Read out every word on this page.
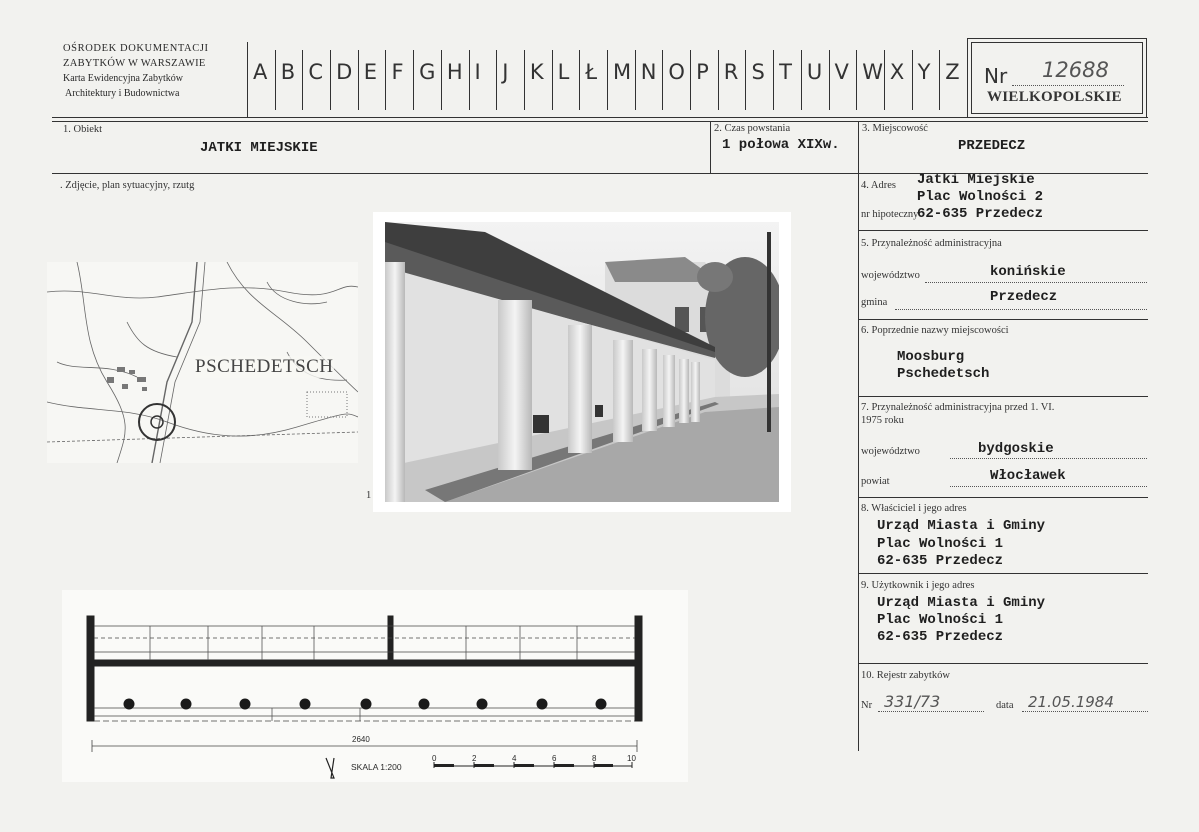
OŚRODEK DOKUMENTACJI
ZABYTKÓW W WARSZAWIE
Karta Ewidencyjna Zabytków
Architektury i Budownictwa
A B C D E F G H I J K L Ł M N O P R S T U V W X Y Z Nr 12688
WIELKOPOLSKIE
1. Obiekt
JATKI MIEJSKIE
2. Czas powstania
1 połowa XIXw.
3. Miejscowość
PRZEDECZ
. Zdjęcie, plan sytuacyjny, rzutg
PSCHEDETSCH
1
2640
SKALA 1:200
0	2	4	6	8	10
4. Adres Jatki Miejskie
Plac Wolności 2
nr hipoteczny
62-635 Przedecz
5. Przynależność administracyjna
województwo	konińskie
gmina	Przedecz
6. Poprzednie nazwy miejscowości
Moosburg
Pschedetsch
7. Przynależność administracyjna przed 1. VI.
1975 roku
województwo	bydgoskie
powiat	Włocławek
8. Właściciel i jego adres
Urząd Miasta i Gminy
Plac Wolności 1
62-635 Przedecz
9. Użytkownik i jego adres
Urząd Miasta i Gminy
Plac Wolności 1
62-635 Przedecz
10. Rejestr zabytków
Nr 331/73	data 21.05.1984
